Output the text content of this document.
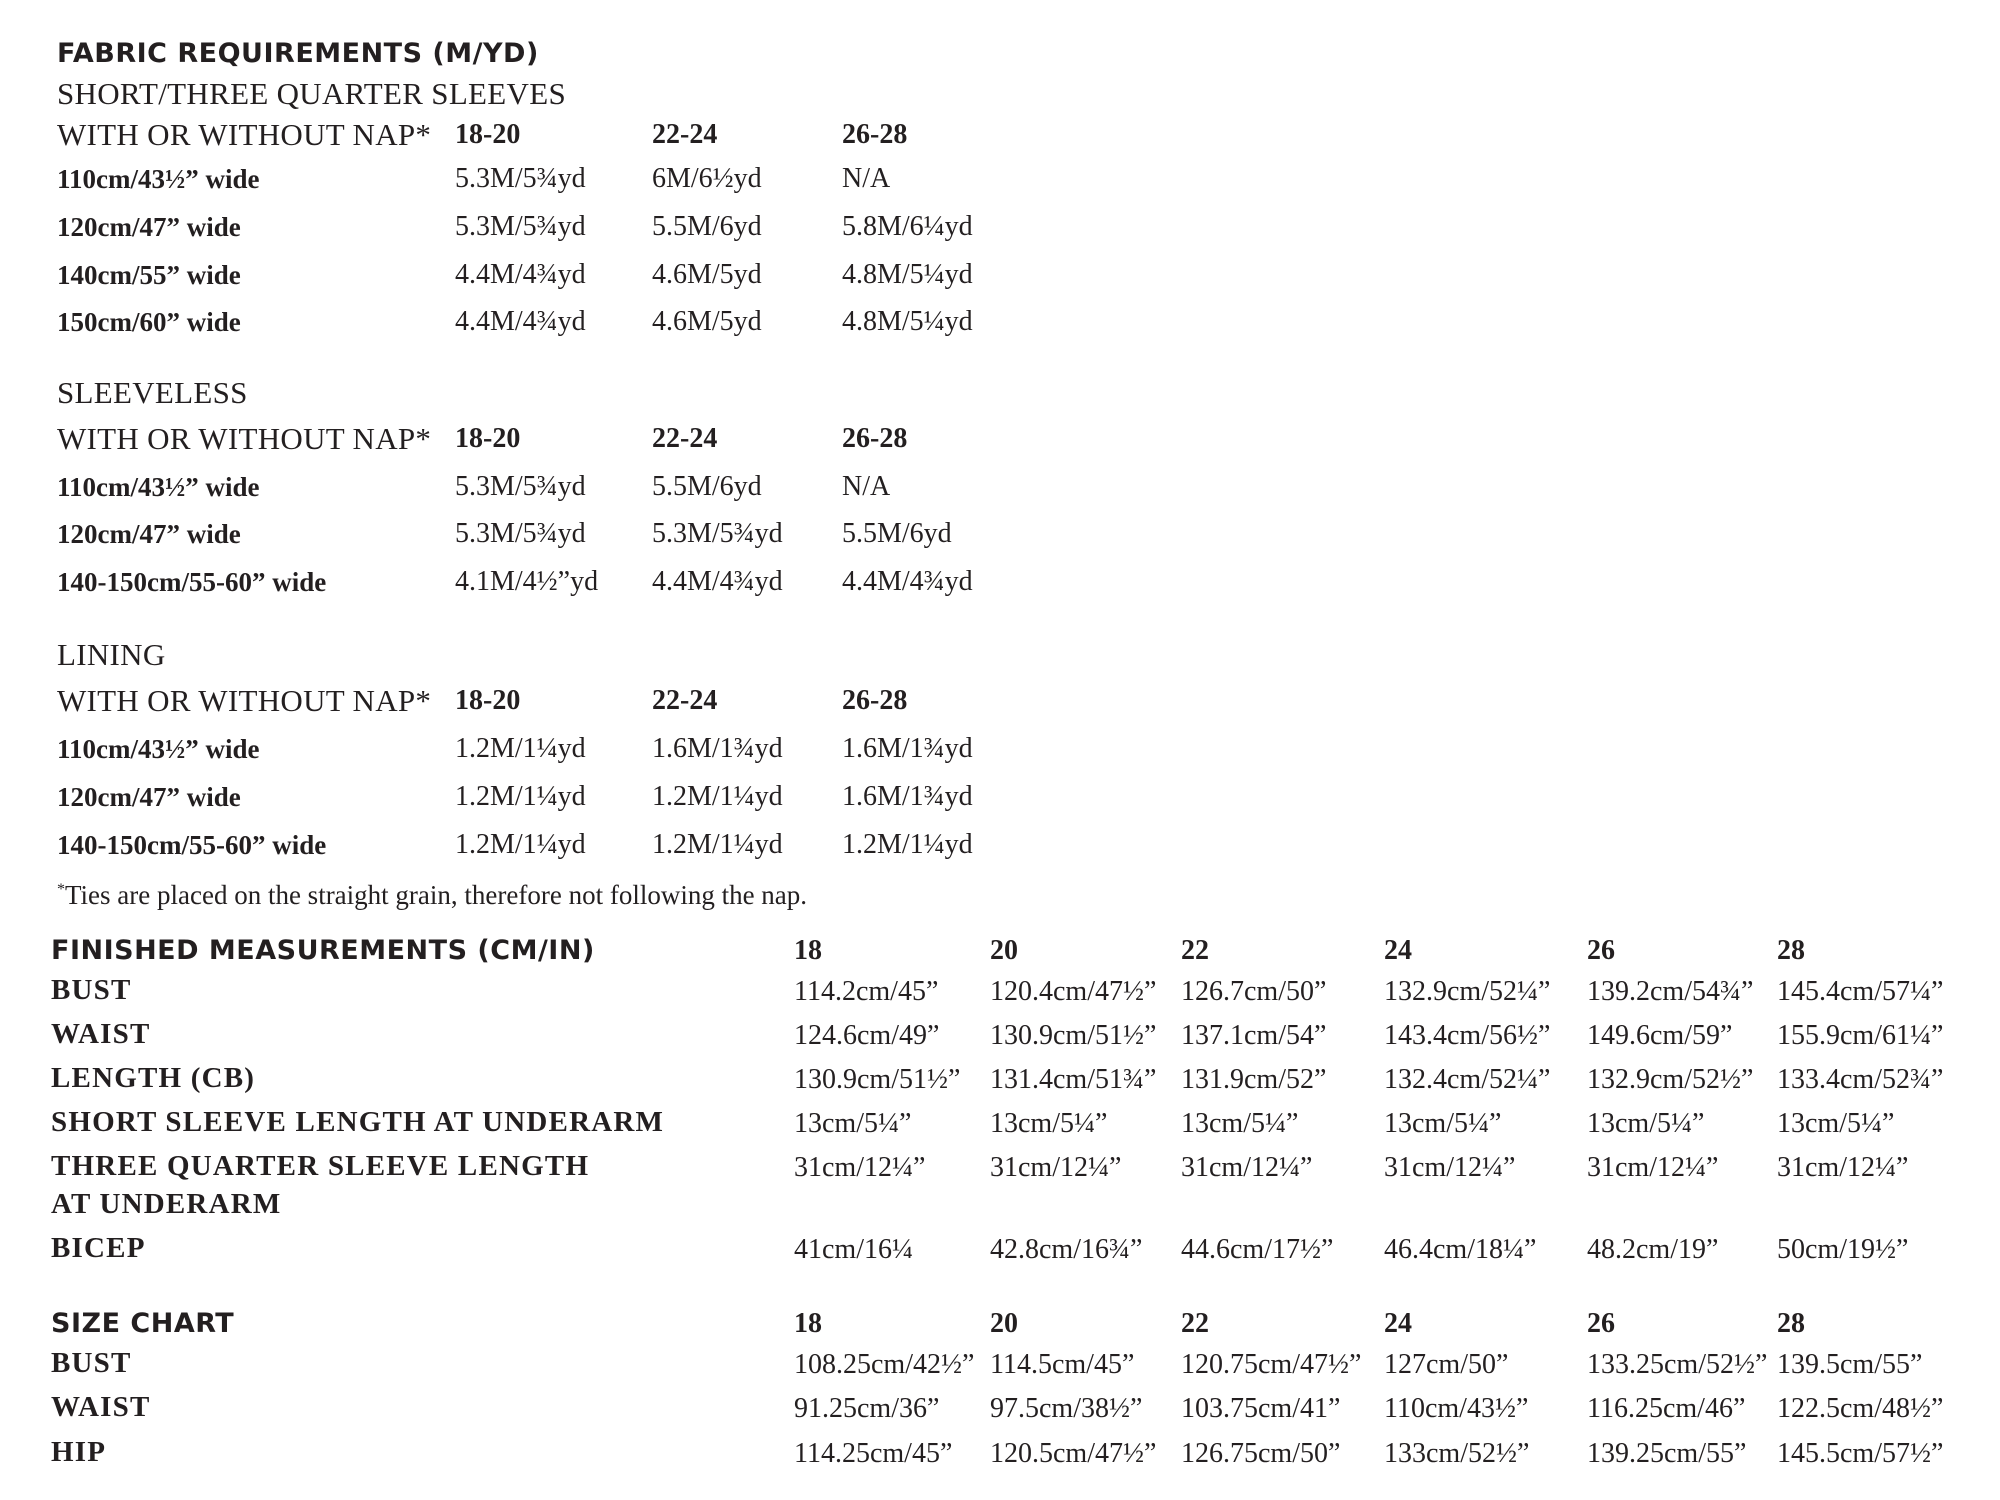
FABRIC REQUIREMENTS (M/YD)
SHORT/THREE QUARTER SLEEVES
WITH OR WITHOUT NAP* 18-20	22-24	26-28
110cm/43½” wide	5.3M/5¾yd 6M/6½yd	N/A
120cm/47” wide	5.3M/5¾yd 5.5M/6yd	5.8M/6¼yd
140cm/55” wide	4.4M/4¾yd 4.6M/5yd	4.8M/5¼yd
150cm/60” wide	4.4M/4¾yd 4.6M/5yd	4.8M/5¼yd
SLEEVELESS
WITH OR WITHOUT NAP* 18-20	22-24	26-28
110cm/43½” wide	5.3M/5¾yd 5.5M/6yd	N/A
120cm/47” wide	5.3M/5¾yd 5.3M/5¾yd 5.5M/6yd
140-150cm/55-60” wide	4.1M/4½”yd 4.4M/4¾yd 4.4M/4¾yd
LINING
WITH OR WITHOUT NAP* 18-20	22-24	26-28
110cm/43½” wide	1.2M/1¼yd 1.6M/1¾yd 1.6M/1¾yd
120cm/47” wide	1.2M/1¼yd 1.2M/1¼yd 1.6M/1¾yd
140-150cm/55-60” wide	1.2M/1¼yd 1.2M/1¼yd 1.2M/1¼yd
*Ties are placed on the straight grain, therefore not following the nap.
FINISHED MEASUREMENTS (CM/IN)	18	20	22	24	26	28
BUST	114.2cm/45” 120.4cm/47½” 126.7cm/50” 132.9cm/52¼” 139.2cm/54¾” 145.4cm/57¼”
WAIST	124.6cm/49” 130.9cm/51½” 137.1cm/54” 143.4cm/56½” 149.6cm/59” 155.9cm/61¼”
LENGTH (CB)	130.9cm/51½” 131.4cm/51¾” 131.9cm/52” 132.4cm/52¼” 132.9cm/52½” 133.4cm/52¾”
SHORT SLEEVE LENGTH AT UNDERARM	13cm/5¼”	13cm/5¼”	13cm/5¼”	13cm/5¼”	13cm/5¼”	13cm/5¼”
THREE QUARTER SLEEVE LENGTH AT UNDERARM
31cm/12¼” 31cm/12¼” 31cm/12¼”	31cm/12¼”	31cm/12¼” 31cm/12¼”
BICEP	41cm/16¼	42.8cm/16¾” 44.6cm/17½” 46.4cm/18¼” 48.2cm/19” 50cm/19½”
SIZE CHART	18	20	22	24	26	28
BUST	108.25cm/42½” 114.5cm/45” 120.75cm/47½” 127cm/50”	133.25cm/52½” 139.5cm/55”
WAIST	91.25cm/36” 97.5cm/38½” 103.75cm/41” 110cm/43½” 116.25cm/46” 122.5cm/48½”
HIP	114.25cm/45” 120.5cm/47½” 126.75cm/50” 133cm/52½” 139.25cm/55” 145.5cm/57½”
